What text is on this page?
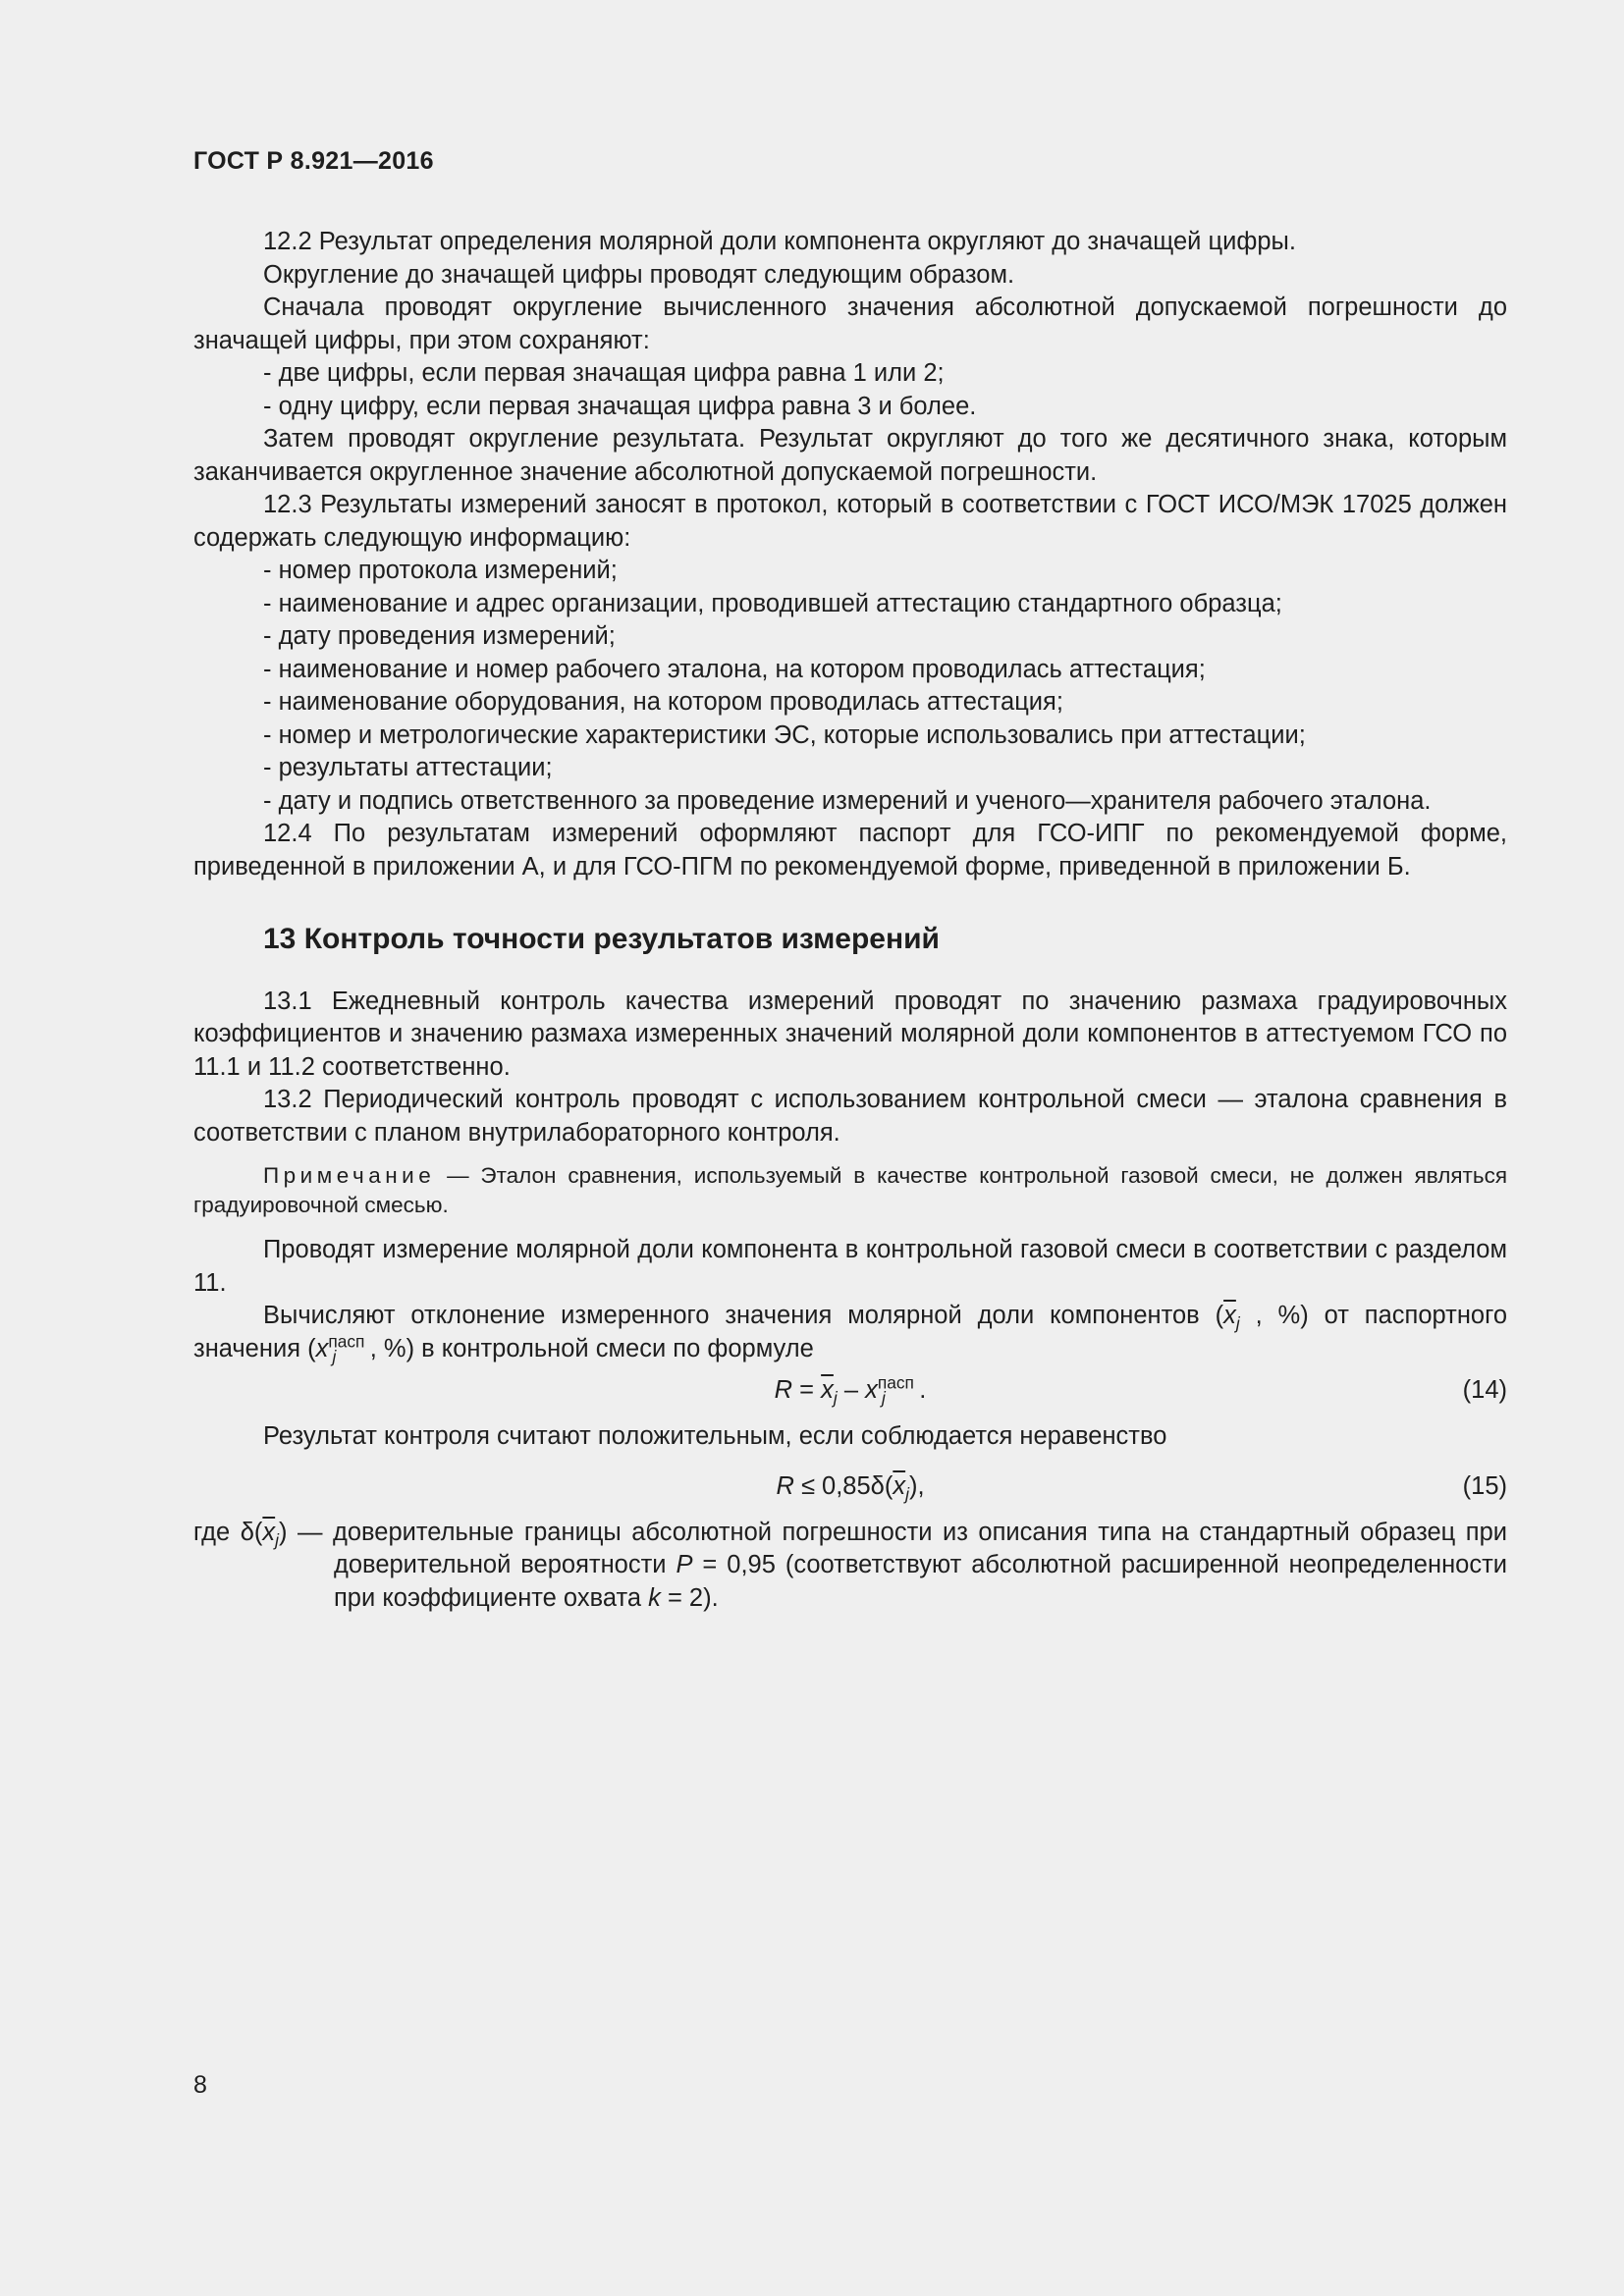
ГОСТ Р 8.921—2016

12.2 Результат определения молярной доли компонента округляют до значащей цифры.

Округление до значащей цифры проводят следующим образом.

Сначала проводят округление вычисленного значения абсолютной допускаемой погрешности до значащей цифры, при этом сохраняют:

- две цифры, если первая значащая цифра равна 1 или 2;

- одну цифру, если первая значащая цифра равна 3 и более.

Затем проводят округление результата. Результат округляют до того же десятичного знака, которым заканчивается округленное значение абсолютной допускаемой погрешности.

12.3 Результаты измерений заносят в протокол, который в соответствии с ГОСТ ИСО/МЭК 17025 должен содержать следующую информацию:

- номер протокола измерений;

- наименование и адрес организации, проводившей аттестацию стандартного образца;

- дату проведения измерений;

- наименование и номер рабочего эталона, на котором проводилась аттестация;

- наименование оборудования, на котором проводилась аттестация;

- номер и метрологические характеристики ЭС, которые использовались при аттестации;

- результаты аттестации;

- дату и подпись ответственного за проведение измерений и ученого—хранителя рабочего эталона.

12.4 По результатам измерений оформляют паспорт для ГСО-ИПГ по рекомендуемой форме, приведенной в приложении А, и для ГСО-ПГМ по рекомендуемой форме, приведенной в приложении Б.

13 Контроль точности результатов измерений

13.1 Ежедневный контроль качества измерений проводят по значению размаха градуировочных коэффициентов и значению размаха измеренных значений молярной доли компонентов в аттестуемом ГСО по 11.1 и 11.2 соответственно.

13.2 Периодический контроль проводят с использованием контрольной смеси — эталона сравнения в соответствии с планом внутрилабораторного контроля.

Примечание — Эталон сравнения, используемый в качестве контрольной газовой смеси, не должен являться градуировочной смесью.

Проводят измерение молярной доли компонента в контрольной газовой смеси в соответствии с разделом 11.

Вычисляют отклонение измеренного значения молярной доли компонентов ($\overline{x}_j$ , %) от паспортного значения ($x^{пасп}_j$ , %) в контрольной смеси по формуле

$R = \overline{x}_j - x^{пасп}_j$ .	(14)

Результат контроля считают положительным, если соблюдается неравенство

$R \le 0,85\delta(\overline{x}_j)$,	(15)

где $\delta(\overline{x}_j)$ — доверительные границы абсолютной погрешности из описания типа на стандартный образец при доверительной вероятности P = 0,95 (соответствуют абсолютной расширенной неопределенности при коэффициенте охвата k = 2).

8
